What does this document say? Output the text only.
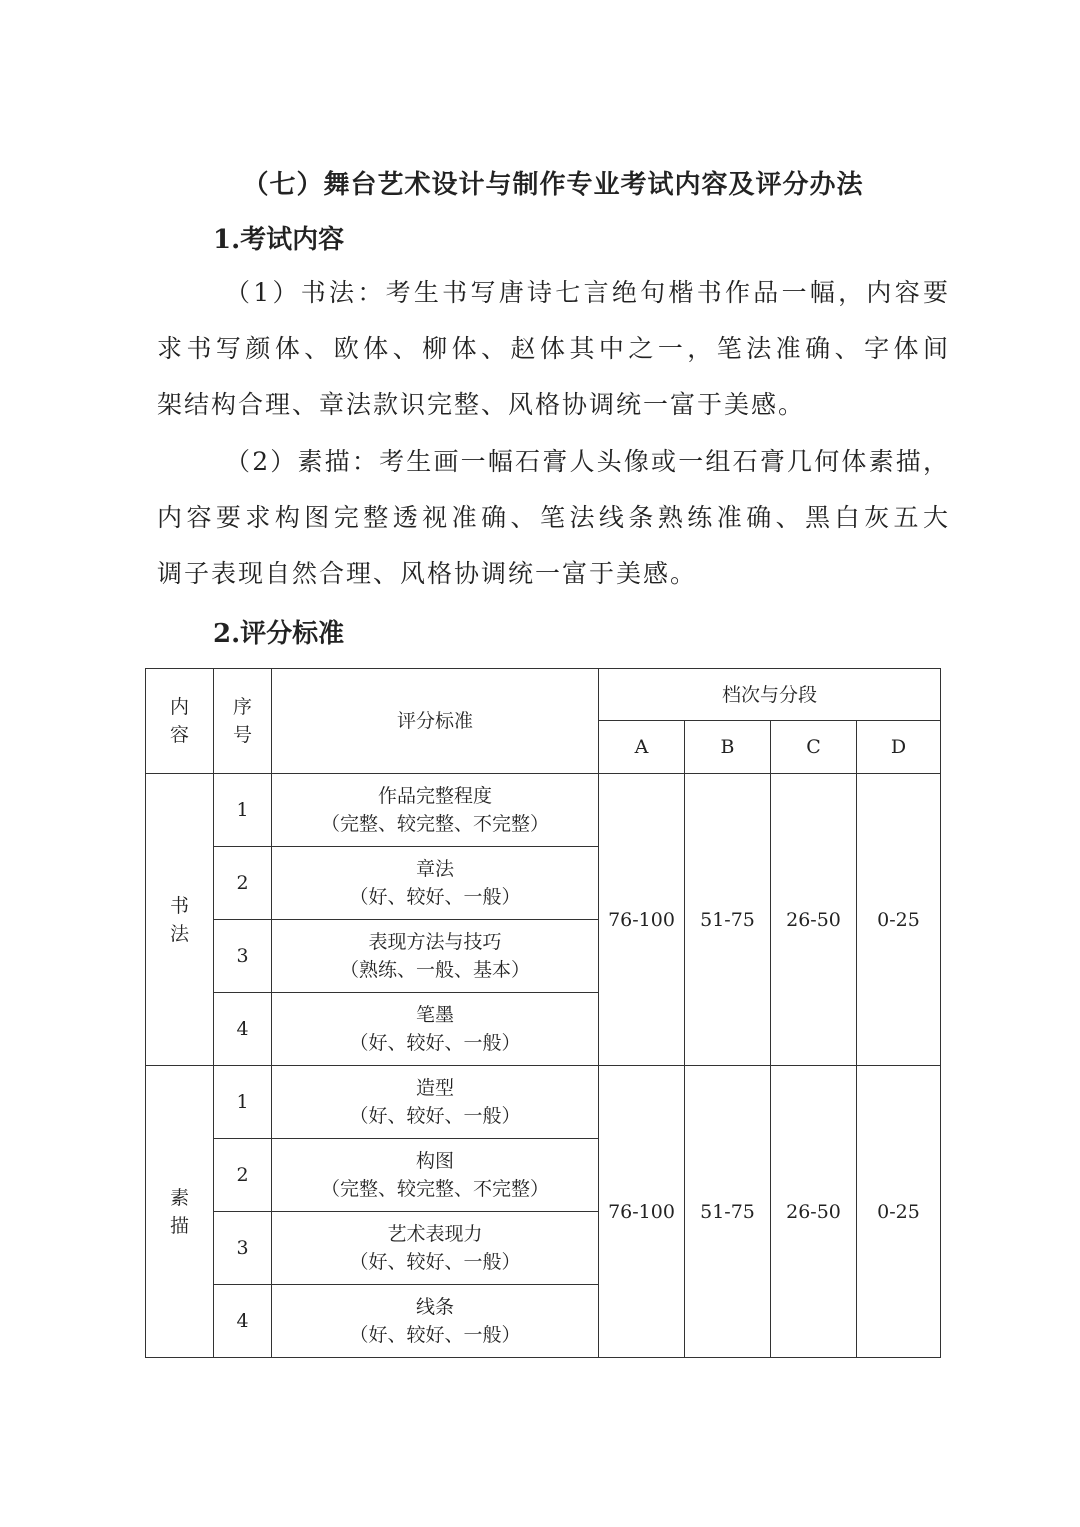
（七）舞台艺术设计与制作专业考试内容及评分办法
1.考试内容
（1）书法：考生书写唐诗七言绝句楷书作品一幅，内容要
求书写颜体、欧体、柳体、赵体其中之一，笔法准确、字体间
架结构合理、章法款识完整、风格协调统一富于美感。
（2）素描：考生画一幅石膏人头像或一组石膏几何体素描，
内容要求构图完整透视准确、笔法线条熟练准确、黑白灰五大
调子表现自然合理、风格协调统一富于美感。
2.评分标准
内容	序号	评分标准	档次与分段			
			A	B	C	D

书法	1	作品完整程度
（完整、较完整、不完整）	76-100	51-75	26-50	0-25
	2	章法
（好、较好、一般）				

	3	表现方法与技巧
（熟练、一般、基本）				

	4	笔墨
（好、较好、一般）				

素描	1	造型
（好、较好、一般）	76-100	51-75	26-50	0-25
	2	构图
（完整、较完整、不完整）				

	3	艺术表现力
（好、较好、一般）				

	4	线条
（好、较好、一般）				
